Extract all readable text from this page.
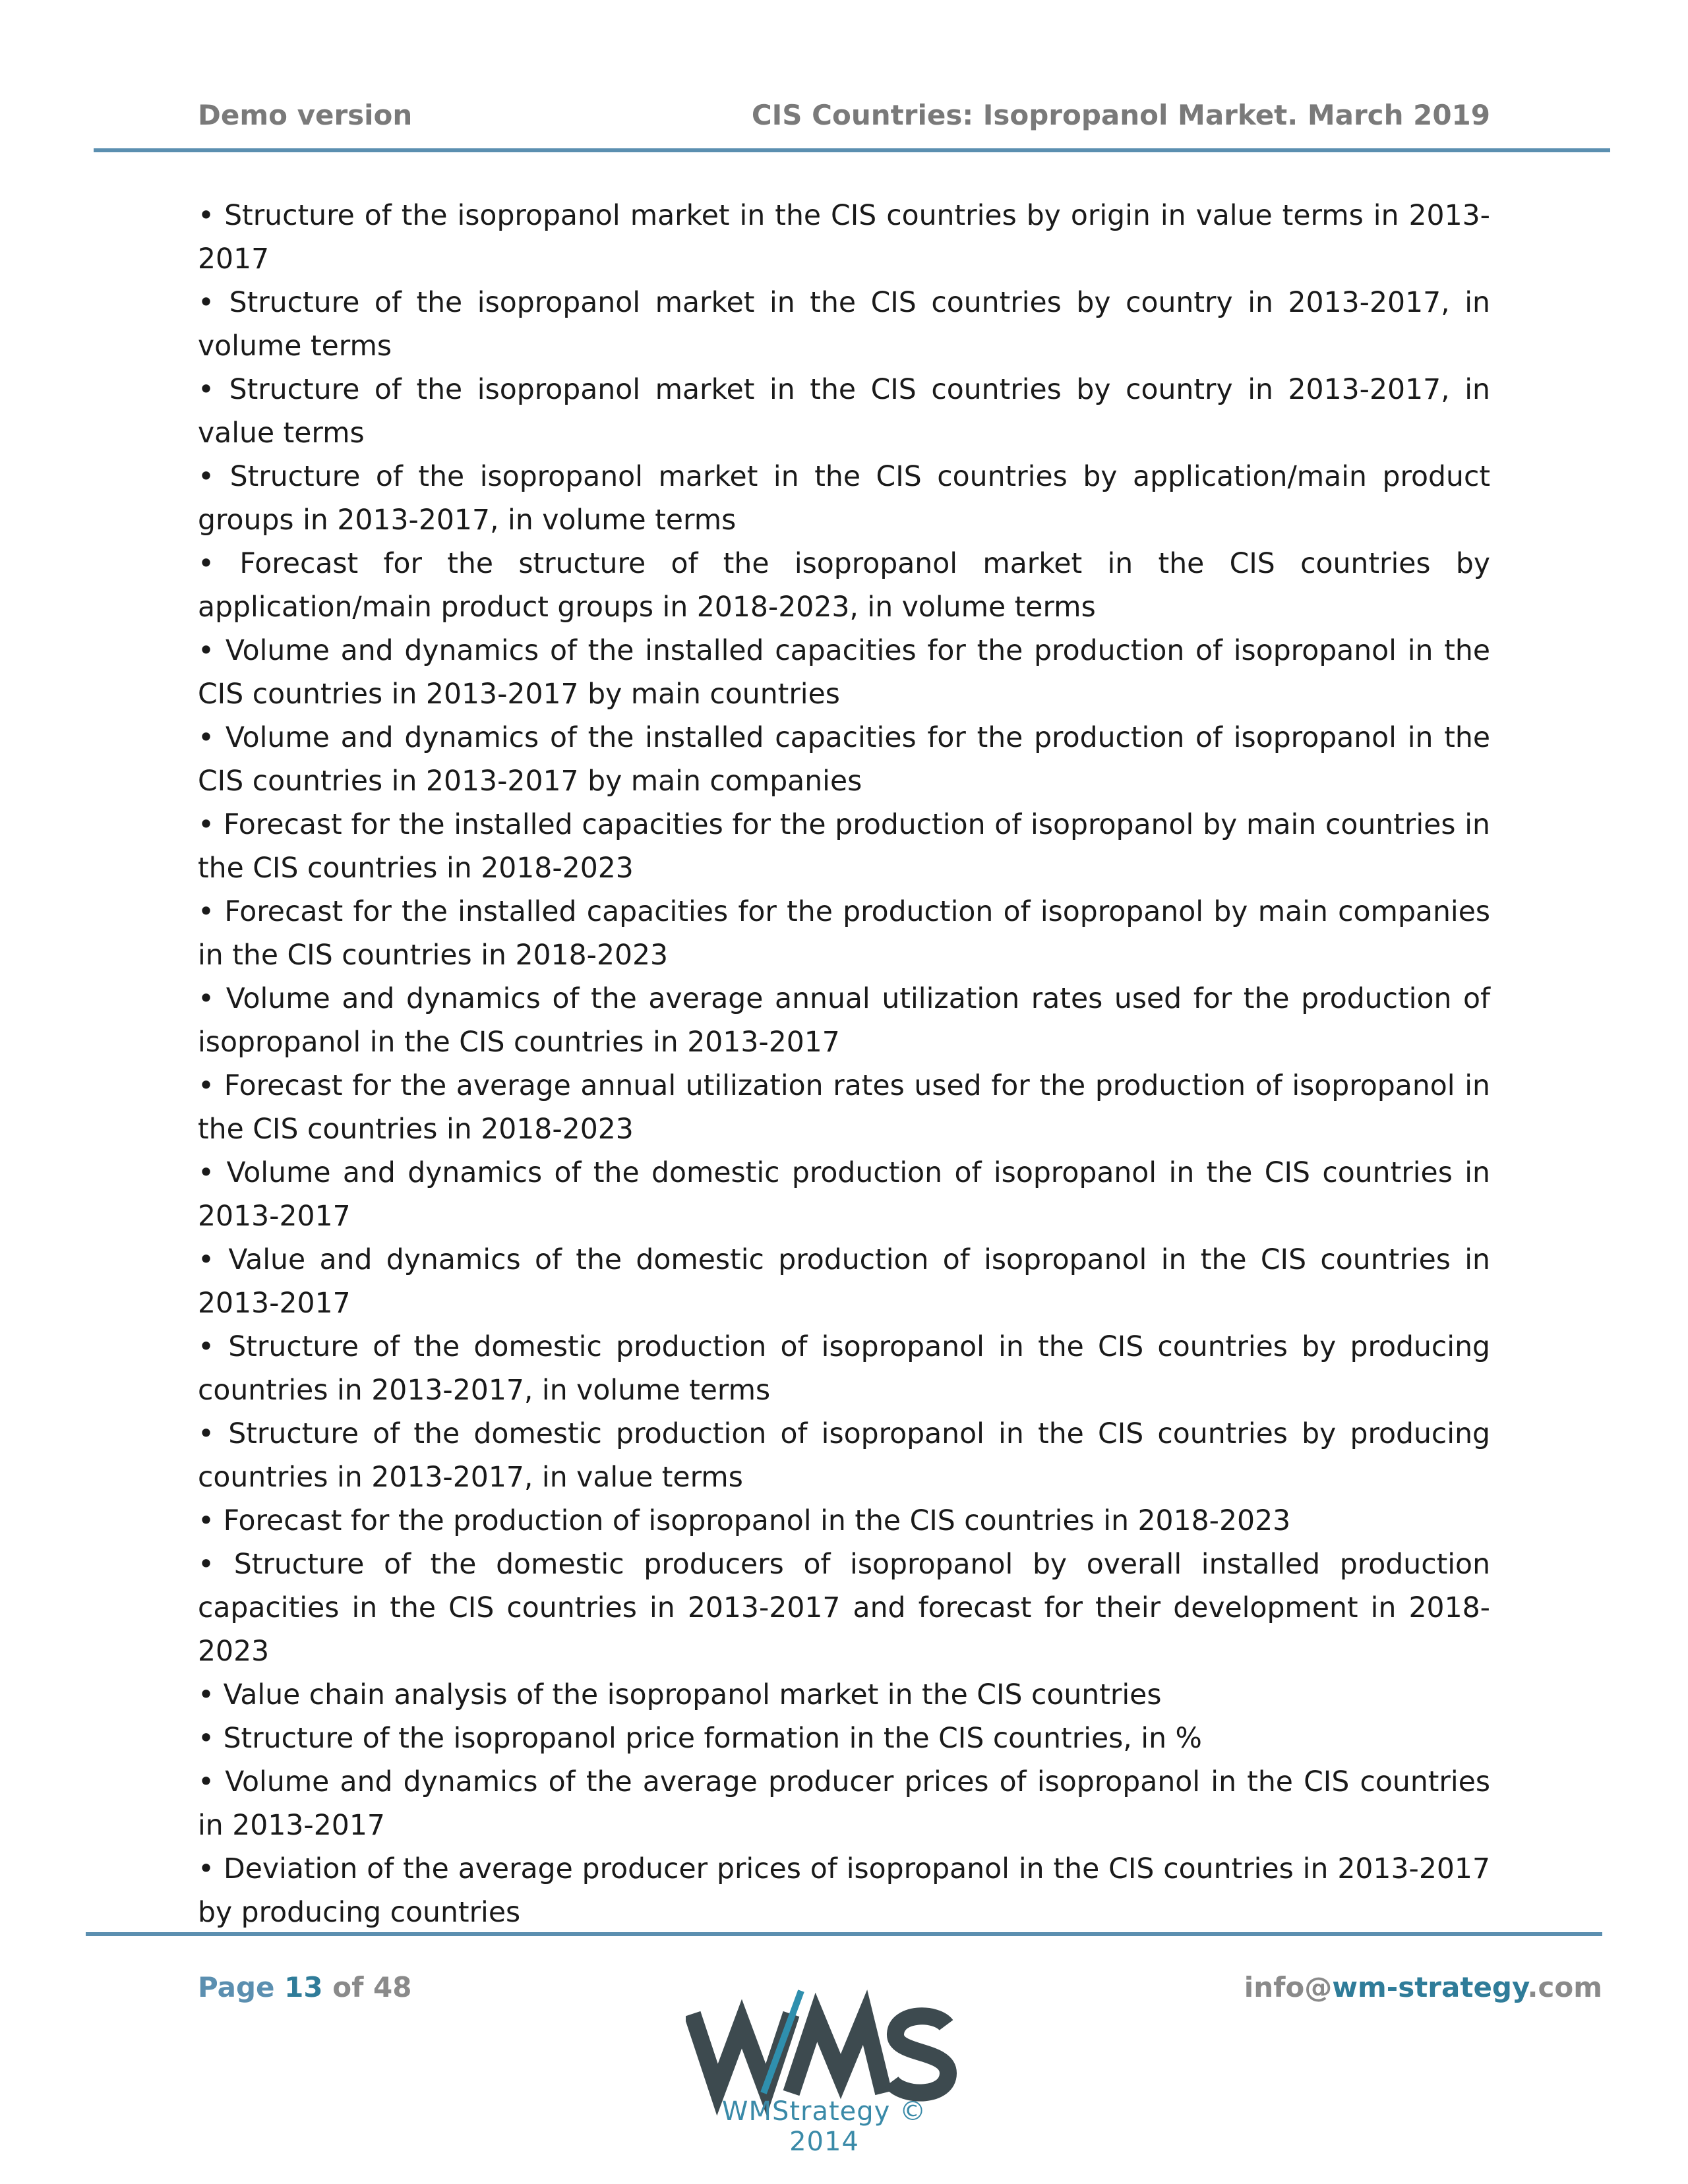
Demo version	CIS Countries: Isopropanol Market. March 2019
• Structure of the isopropanol market in the CIS countries by origin in value terms in 2013-2017
• Structure of the isopropanol market in the CIS countries by country in 2013-2017, in volume terms
• Structure of the isopropanol market in the CIS countries by country in 2013-2017, in value terms
• Structure of the isopropanol market in the CIS countries by application/main product groups in 2013-2017, in volume terms
• Forecast for the structure of the isopropanol market in the CIS countries by application/main product groups in 2018-2023, in volume terms
• Volume and dynamics of the installed capacities for the production of isopropanol in the CIS countries in 2013-2017 by main countries
• Volume and dynamics of the installed capacities for the production of isopropanol in the CIS countries in 2013-2017 by main companies
• Forecast for the installed capacities for the production of isopropanol by main countries in the CIS countries in 2018-2023
• Forecast for the installed capacities for the production of isopropanol by main companies in the CIS countries in 2018-2023
• Volume and dynamics of the average annual utilization rates used for the production of isopropanol in the CIS countries in 2013-2017
• Forecast for the average annual utilization rates used for the production of isopropanol in the CIS countries in 2018-2023
• Volume and dynamics of the domestic production of isopropanol in the CIS countries in 2013-2017
• Value and dynamics of the domestic production of isopropanol in the CIS countries in 2013-2017
• Structure of the domestic production of isopropanol in the CIS countries by producing countries in 2013-2017, in volume terms
• Structure of the domestic production of isopropanol in the CIS countries by producing countries in 2013-2017, in value terms
• Forecast for the production of isopropanol in the CIS countries in 2018-2023
• Structure of the domestic producers of isopropanol by overall installed production capacities in the CIS countries in 2013-2017 and forecast for their development in 2018-2023
• Value chain analysis of the isopropanol market in the CIS countries
• Structure of the isopropanol price formation in the CIS countries, in %
• Volume and dynamics of the average producer prices of isopropanol in the CIS countries in 2013-2017
• Deviation of the average producer prices of isopropanol in the CIS countries in 2013-2017 by producing countries
Page 13 of 48	info@wm-strategy.com
WMStrategy © 2014
